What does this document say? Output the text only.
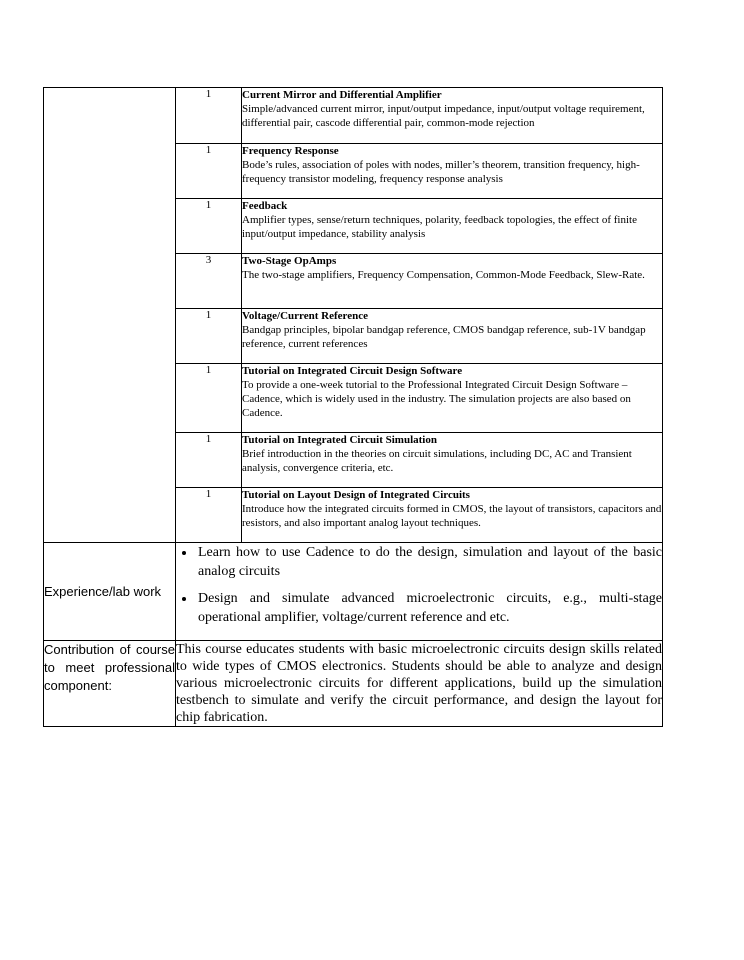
1	Current Mirror and Differential Amplifier
Simple/advanced current mirror, input/output impedance, input/output voltage requirement, differential pair, cascode differential pair, common-mode rejection

1	Frequency Response
Bode’s rules, association of poles with nodes, miller’s theorem, transition frequency, high-frequency transistor modeling, frequency response analysis

1	Feedback
Amplifier types, sense/return techniques, polarity, feedback topologies, the effect of finite input/output impedance, stability analysis

3	Two-Stage OpAmps
The two-stage amplifiers, Frequency Compensation, Common-Mode Feedback, Slew-Rate.

1	Voltage/Current Reference
Bandgap principles, bipolar bandgap reference, CMOS bandgap reference, sub-1V bandgap reference, current references

1	Tutorial on Integrated Circuit Design Software
To provide a one-week tutorial to the Professional Integrated Circuit Design Software – Cadence, which is widely used in the industry. The simulation projects are also based on Cadence.

1	Tutorial on Integrated Circuit Simulation
Brief introduction in the theories on circuit simulations, including DC, AC and Transient analysis, convergence criteria, etc.

1	Tutorial on Layout Design of Integrated Circuits
Introduce how the integrated circuits formed in CMOS, the layout of transistors, capacitors and resistors, and also important analog layout techniques.

Experience/lab work	
• Learn how to use Cadence to do the design, simulation and layout of the basic analog circuits
• Design and simulate advanced microelectronic circuits, e.g., multi-stage operational amplifier, voltage/current reference and etc.

Contribution of course to meet professional component:	This course educates students with basic microelectronic circuits design skills related to wide types of CMOS electronics. Students should be able to analyze and design various microelectronic circuits for different applications, build up the simulation testbench to simulate and verify the circuit performance, and design the layout for chip fabrication.
